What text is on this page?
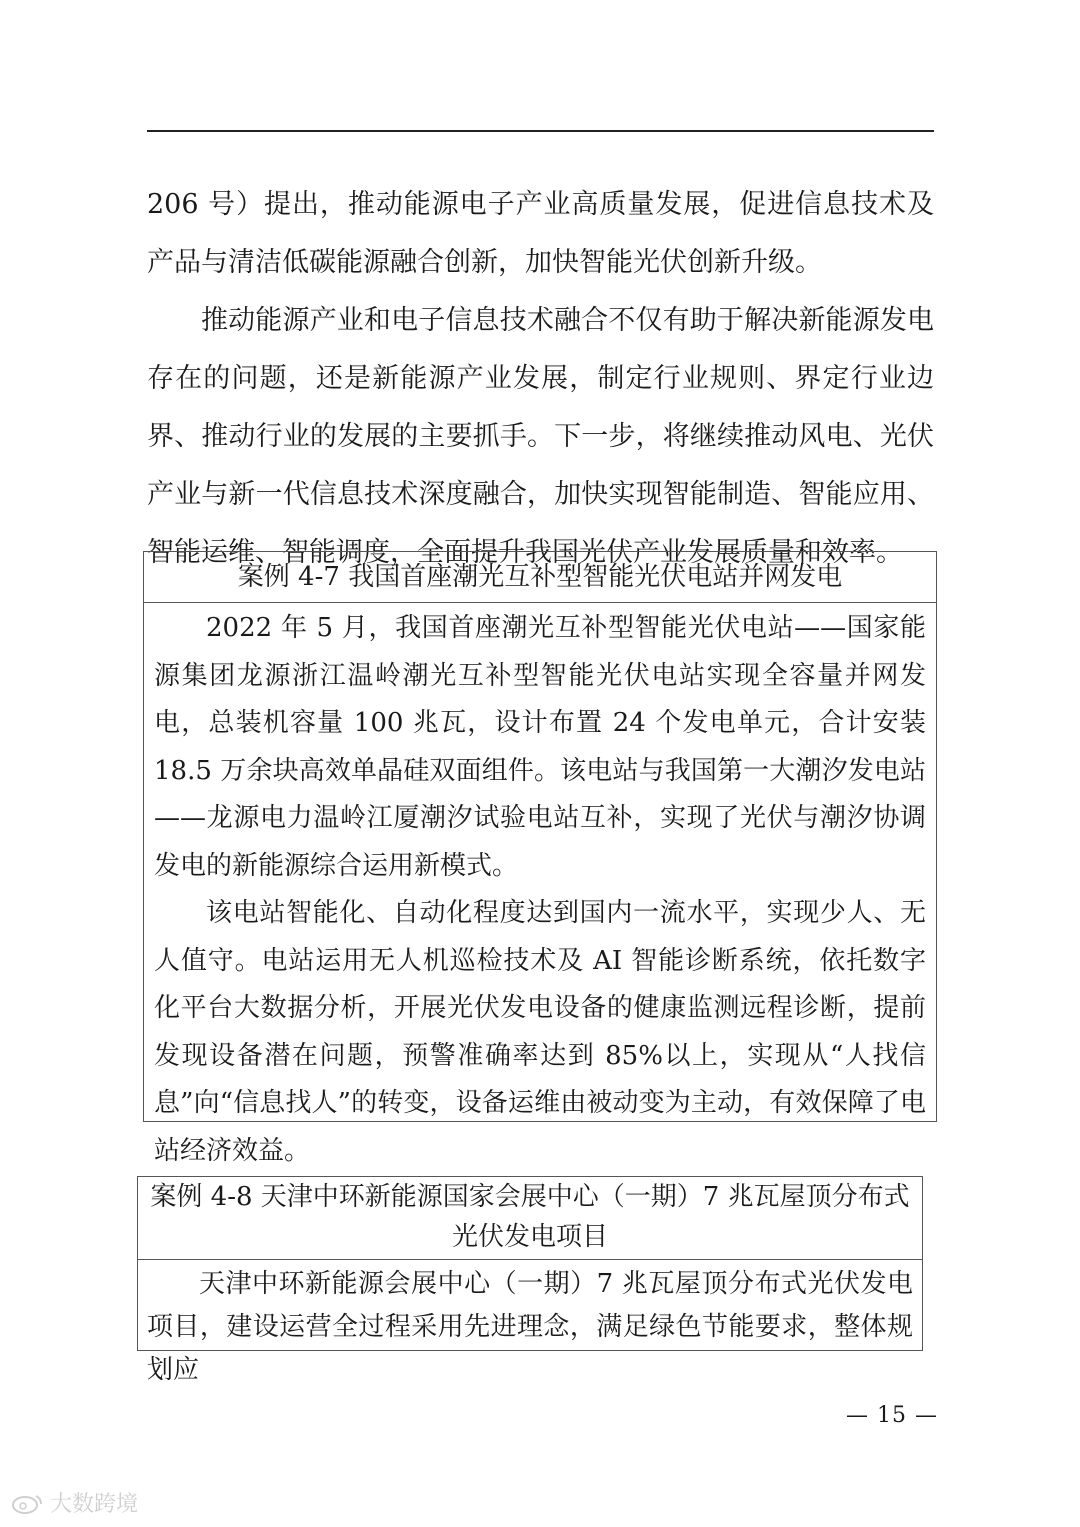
206 号）提出，推动能源电子产业高质量发展，促进信息技术及产品与清洁低碳能源融合创新，加快智能光伏创新升级。

推动能源产业和电子信息技术融合不仅有助于解决新能源发电存在的问题，还是新能源产业发展，制定行业规则、界定行业边界、推动行业的发展的主要抓手。下一步，将继续推动风电、光伏产业与新一代信息技术深度融合，加快实现智能制造、智能应用、智能运维、智能调度，全面提升我国光伏产业发展质量和效率。

案例 4-7 我国首座潮光互补型智能光伏电站并网发电

2022 年 5 月，我国首座潮光互补型智能光伏电站——国家能源集团龙源浙江温岭潮光互补型智能光伏电站实现全容量并网发电，总装机容量 100 兆瓦，设计布置 24 个发电单元，合计安装 18.5 万余块高效单晶硅双面组件。该电站与我国第一大潮汐发电站——龙源电力温岭江厦潮汐试验电站互补，实现了光伏与潮汐协调发电的新能源综合运用新模式。

该电站智能化、自动化程度达到国内一流水平，实现少人、无人值守。电站运用无人机巡检技术及 AI 智能诊断系统，依托数字化平台大数据分析，开展光伏发电设备的健康监测远程诊断，提前发现设备潜在问题，预警准确率达到 85%以上，实现从“人找信息”向“信息找人”的转变，设备运维由被动变为主动，有效保障了电站经济效益。

案例 4-8 天津中环新能源国家会展中心（一期）7 兆瓦屋顶分布式光伏发电项目

天津中环新能源会展中心（一期）7 兆瓦屋顶分布式光伏发电项目，建设运营全过程采用先进理念，满足绿色节能要求，整体规划应

— 15 —
大数跨境
